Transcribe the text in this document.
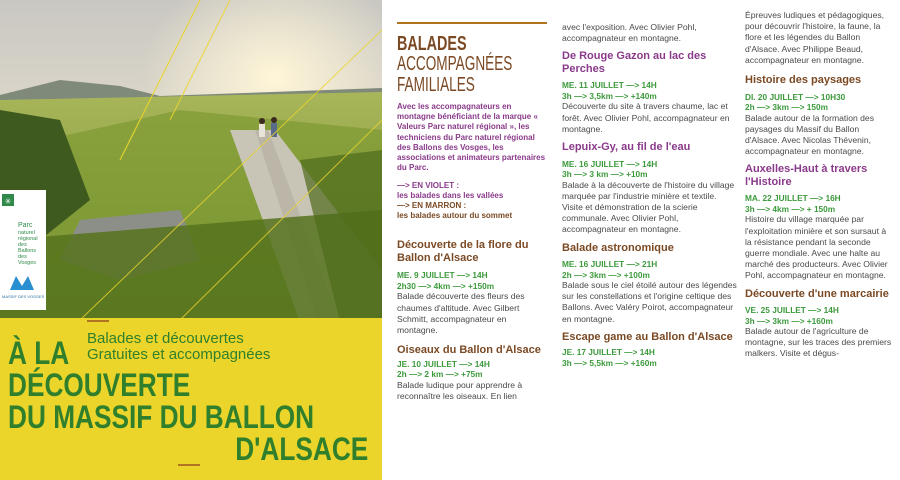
✳
Parc
naturel
régional
des Ballons
des Vosges
MASSIF DES VOSGES
Balades et découvertes
Gratuites et accompagnées
À LA
DÉCOUVERTE
DU MASSIF DU BALLON
D'ALSACE
BALADES
ACCOMPAGNÉES
FAMILIALES
Avec les accompagnateurs en montagne bénéficiant de la marque « Valeurs Parc naturel régional », les techniciens du Parc naturel régional des Ballons des Vosges, les associations et animateurs partenaires du Parc.
—> EN VIOLET :
les balades dans les vallées
—> EN MARRON :
les balades autour du sommet
Découverte de la flore du Ballon d'Alsace
ME. 9 JUILLET —> 14H
2h30 —> 4km —> +150m
Balade découverte des fleurs des chaumes d'altitude. Avec Gilbert Schmitt, accompagnateur en montagne.
Oiseaux du Ballon d'Alsace
JE. 10 JUILLET —> 14H
2h —> 2 km —> +75m
Balade ludique pour apprendre à reconnaître les oiseaux. En lien
avec l'exposition. Avec Olivier Pohl, accompagnateur en montagne.
De Rouge Gazon au lac des Perches
ME. 11 JUILLET —> 14H
3h —> 3,5km —> +140m
Découverte du site à travers chaume, lac et forêt. Avec Olivier Pohl, accompagnateur en montagne.
Lepuix-Gy, au fil de l'eau
ME. 16 JUILLET —> 14H
3h —> 3 km —> +10m
Balade à la découverte de l'histoire du village marquée par l'industrie minière et textile. Visite et démonstration de la scierie communale. Avec Olivier Pohl, accompagnateur en montagne.
Balade astronomique
ME. 16 JUILLET —> 21H
2h —> 3km —> +100m
Balade sous le ciel étoilé autour des légendes sur les constellations et l'origine celtique des Ballons. Avec Valéry Poirot, accompagnateur en montagne.
Escape game au Ballon d'Alsace
JE. 17 JUILLET —> 14H
3h —> 5,5km —> +160m
Épreuves ludiques et pédagogiques, pour découvrir l'histoire, la faune, la flore et les légendes du Ballon d'Alsace. Avec Philippe Beaud, accompagnateur en montagne.
Histoire des paysages
DI. 20 JUILLET —> 10H30
2h —> 3km —> 150m
Balade autour de la formation des paysages du Massif du Ballon d'Alsace. Avec Nicolas Thévenin, accompagnateur en montagne.
Auxelles-Haut à travers l'Histoire
MA. 22 JUILLET —> 16H
3h —> 4km —> + 150m
Histoire du village marquée par l'exploitation minière et son sursaut à la résistance pendant la seconde guerre mondiale. Avec une halte au marché des producteurs. Avec Olivier Pohl, accompagnateur en montagne.
Découverte d'une marcairie
VE. 25 JUILLET —> 14H
3h —> 3km —> +160m
Balade autour de l'agriculture de montagne, sur les traces des premiers malkers. Visite et dégus-
